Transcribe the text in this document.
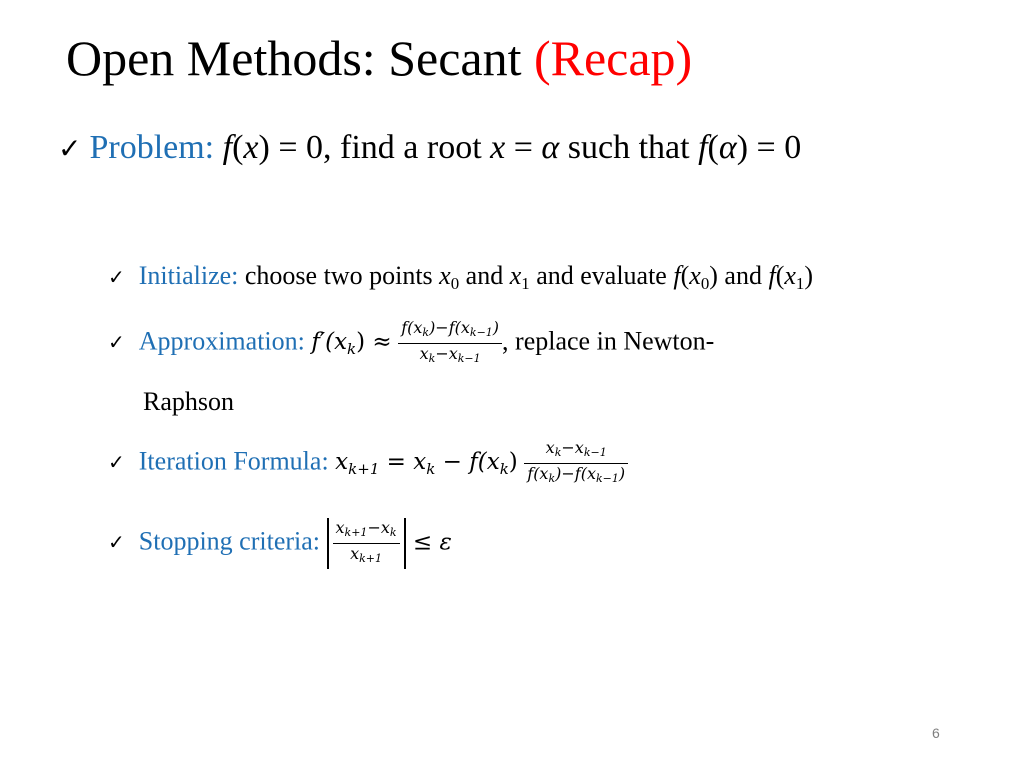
Open Methods: Secant (Recap)
✓ Problem: f(x) = 0, find a root x = α such that f(α) = 0
✓ Initialize: choose two points $x_0$ and $x_1$ and evaluate $f(x_0)$ and $f(x_1)$
✓ Approximation: $f'(x_k) \approx \frac{f(xk)-f(xk-1)}{xk-xk-1}$ , replace in Newton-
Raphson
✓ Iteration Formula: $x_{k+1} = x_k - f(x_k) \frac{xk-xk-1}{f(xk)-f(xk-1)}$
✓ Stopping criteria: $\frac{xk+1-xk}{xk+1} \le \varepsilon$
6
